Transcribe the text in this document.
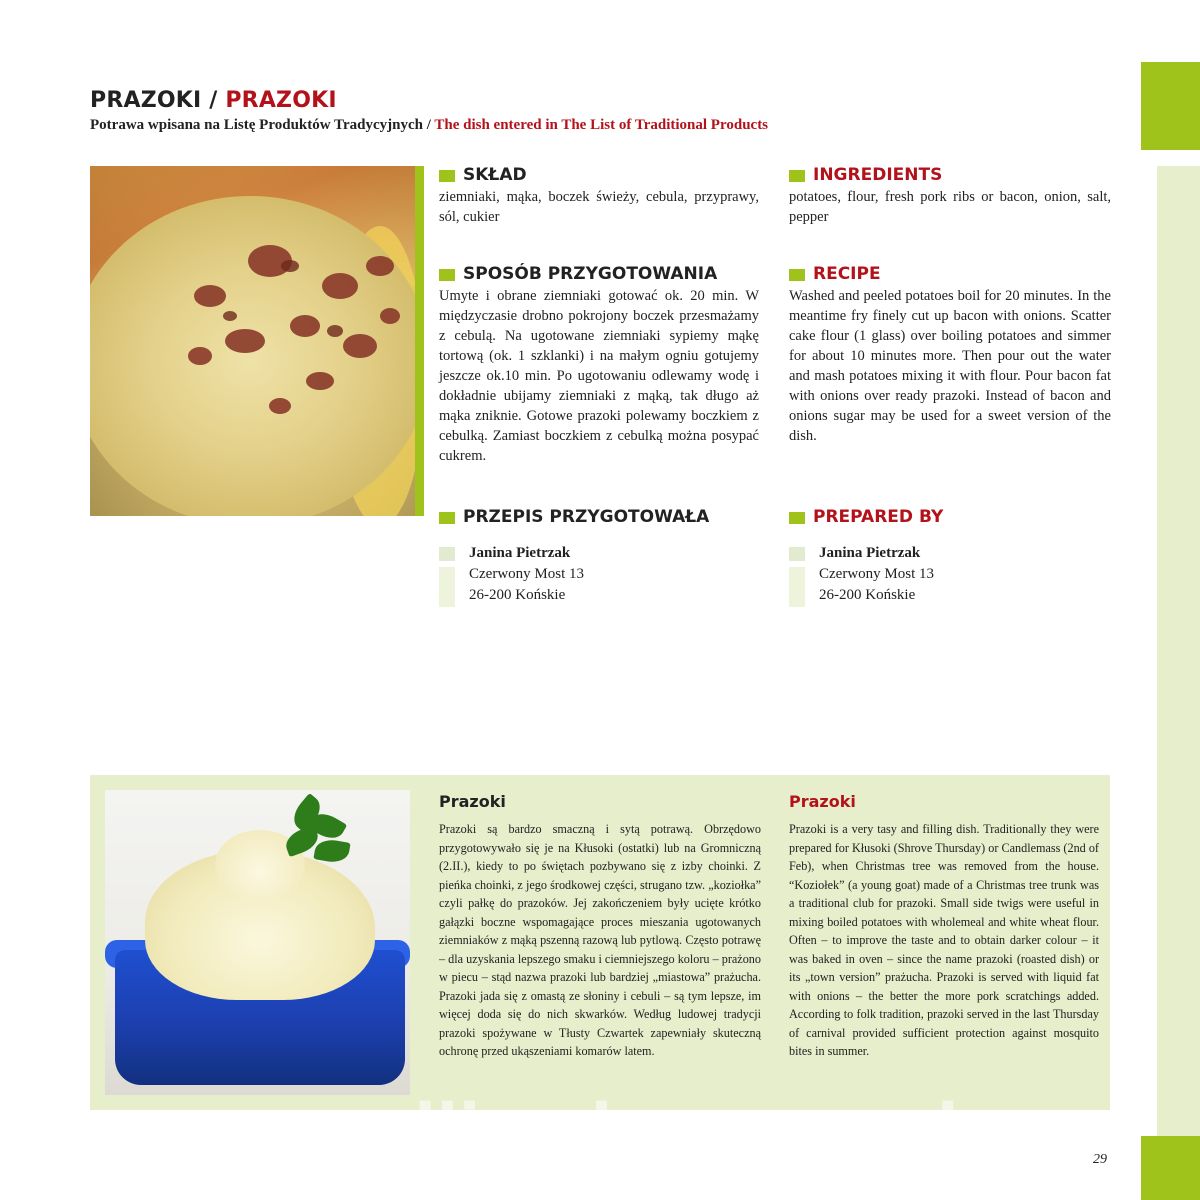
PRAZOKI / PRAZOKI
Potrawa wpisana na Listę Produktów Tradycyjnych / The dish entered in The List of Traditional Products
SKŁAD
ziemniaki, mąka, boczek świeży, cebula, przyprawy, sól, cukier
INGREDIENTS
potatoes, flour, fresh pork ribs or bacon, onion, salt, pepper
SPOSÓB PRZYGOTOWANIA
Umyte i obrane ziemniaki gotować ok. 20 min. W międzyczasie drobno pokrojony boczek przesmażamy z cebulą. Na ugotowane ziemniaki sypiemy mąkę tortową (ok. 1 szklanki) i na małym ogniu gotujemy jeszcze ok.10 min. Po ugotowaniu odlewamy wodę i dokładnie ubijamy ziemniaki z mąką, tak długo aż mąka zniknie. Gotowe prazoki polewamy boczkiem z cebulką. Zamiast boczkiem z cebulką można posypać cukrem.
RECIPE
Washed and peeled potatoes boil for 20 minutes. In the meantime fry finely cut up bacon with onions. Scatter cake flour (1 glass) over boiling potatoes and simmer for about 10 minutes more. Then pour out the water and mash potatoes mixing it with flour. Pour bacon fat with onions over ready prazoki. Instead of bacon and onions sugar may be used for a sweet version of the dish.
PRZEPIS PRZYGOTOWAŁA
Janina Pietrzak
Czerwony Most 13
26-200 Końskie
PREPARED BY
Janina Pietrzak
Czerwony Most 13
26-200 Końskie
Prazoki
Prazoki są bardzo smaczną i sytą potrawą. Obrzędowo przygotowywało się je na Kłusoki (ostatki) lub na Gromniczną (2.II.), kiedy to po świętach pozbywano się z izby choinki. Z pieńka choinki, z jego środkowej części, strugano tzw. „koziołka” czyli pałkę do prazoków. Jej zakończeniem były ucięte krótko gałązki boczne wspomagające proces mieszania ugotowanych ziemniaków z mąką pszenną razową lub pytlową. Często potrawę – dla uzyskania lepszego smaku i ciemniejszego koloru – prażono w piecu – stąd nazwa prazoki lub bardziej „miastowa” prażucha. Prazoki jada się z omastą ze słoniny i cebuli – są tym lepsze, im więcej doda się do nich skwarków. Według ludowej tradycji prazoki spożywane w Tłusty Czwartek zapewniały skuteczną ochronę przed ukąszeniami komarów latem.
Prazoki
Prazoki is a very tasy and filling dish. Traditionally they were prepared for Kłusoki (Shrove Thursday) or Candlemass (2nd of Feb), when Christmas tree was removed from the house. “Koziołek” (a young goat) made of a Christmas tree trunk was a traditional club for prazoki. Small side twigs were useful in mixing boiled potatoes with wholemeal and white wheat flour. Often – to improve the taste and to obtain darker colour – it was baked in oven – since the name prazoki (roasted dish) or its „town version” prażucha. Prazoki is served with liquid fat with onions – the better the more pork scratchings added. According to folk tradition, prazoki served in the last Thursday of carnival provided sufficient protection against mosquito bites in summer.
wedlinydomowe.pl	29
